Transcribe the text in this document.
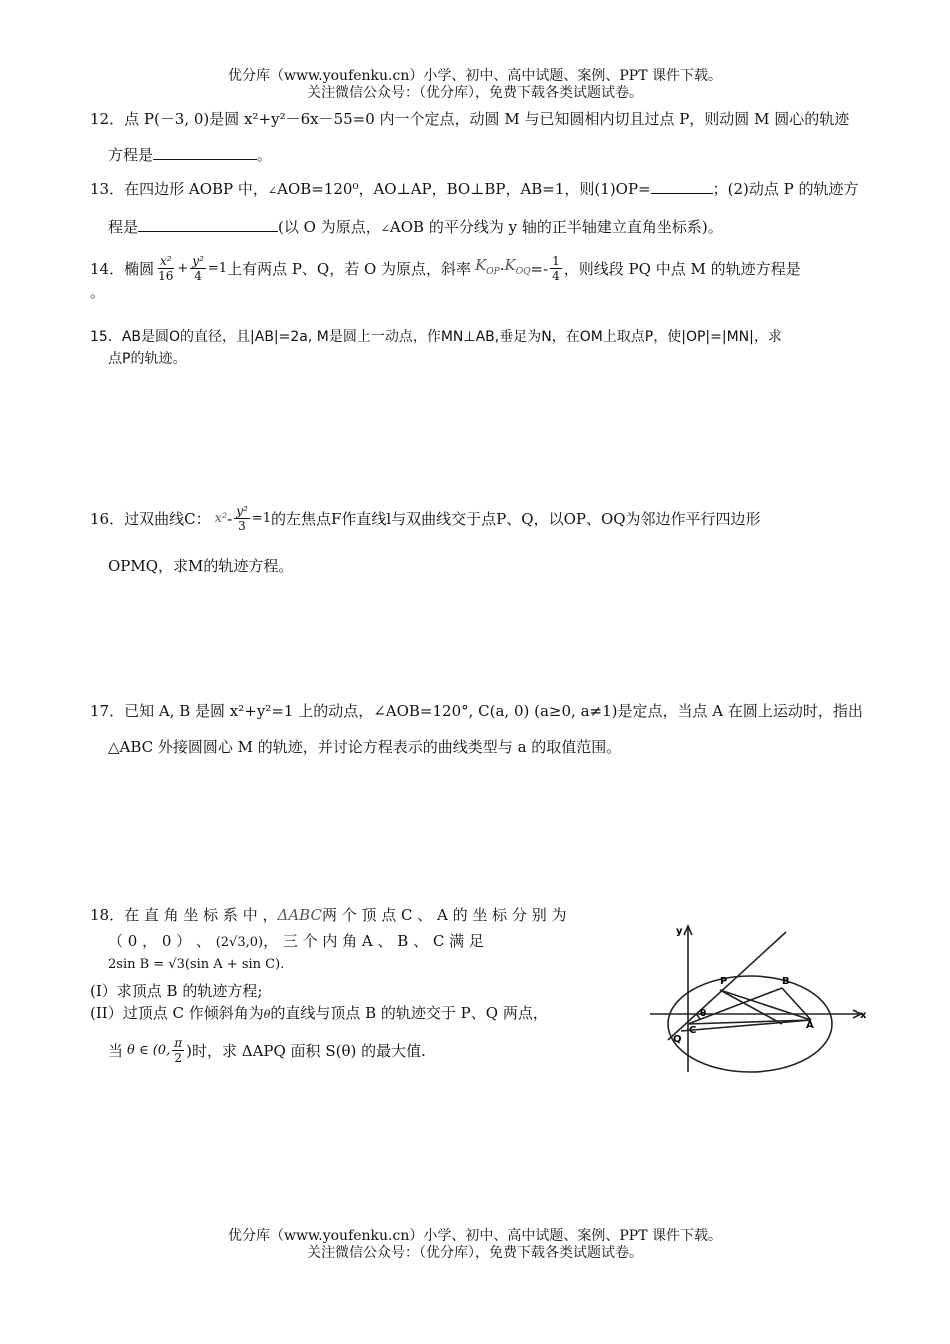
优分库（www.youfenku.cn）小学、初中、高中试题、案例、PPT 课件下载。
关注微信公众号：（优分库），免费下载各类试题试卷。
12．点 P(－3, 0)是圆 x²+y²－6x－55=0 内一个定点，动圆 M 与已知圆相内切且过点 P，则动圆 M 圆心的轨迹
方程是	。
13．在四边形 AOBP 中，∠AOB=120⁰，AO⊥AP，BO⊥BP，AB=1，则(1)OP=	；(2)动点 P 的轨迹方
程是	(以 O 为原点，∠AOB 的平分线为 y 轴的正半轴建立直角坐标系)。
14． 椭圆 $\frac{\text{x²}}{16} + \frac{\text{y²}}{4} =1$ 上有两点 P、Q，若 O 为原点，斜率 $K_{OP} \cdot K_{OQ} =- \frac{1}{4}$ ，则线段 PQ 中点 M 的轨迹方程是
。
15．AB是圆O的直径，且|AB|=2a, M是圆上一动点，作MN⊥AB,垂足为N，在OM上取点P，使|OP|=|MN|，求
点P的轨迹。
16． 过双曲线C： $x^2 - \frac{\text{y²}}{3} =1$ 的左焦点F作直线l与双曲线交于点P、Q，以OP、OQ为邻边作平行四边形
OPMQ，求M的轨迹方程。
17．已知 A, B 是圆 x²+y²=1 上的动点，∠AOB=120°, C(a, 0) (a≥0, a≠1)是定点，当点 A 在圆上运动时，指出
△ABC 外接圆圆心 M 的轨迹，并讨论方程表示的曲线类型与 a 的取值范围。
18．在 直 角 坐 标 系 中 ，ΔABC两 个 顶 点 C 、 A 的 坐 标 分 别 为
（ 0 ， 0 ） 、 (2√3,0)， 三 个 内 角 A 、 B 、 C 满 足
2sin B = √3(sin A + sin C).
(I）求顶点 B 的轨迹方程;
(II）过顶点 C 作倾斜角为θ的直线与顶点 B 的轨迹交于 P、Q 两点，
当 θ ∈ (0, $\frac{\pi}{2}$ ) 时，求 ΔAPQ 面积 S(θ) 的最大值.
x
y
P	B
A
C
Q
θ
优分库（www.youfenku.cn）小学、初中、高中试题、案例、PPT 课件下载。
关注微信公众号：（优分库），免费下载各类试题试卷。
